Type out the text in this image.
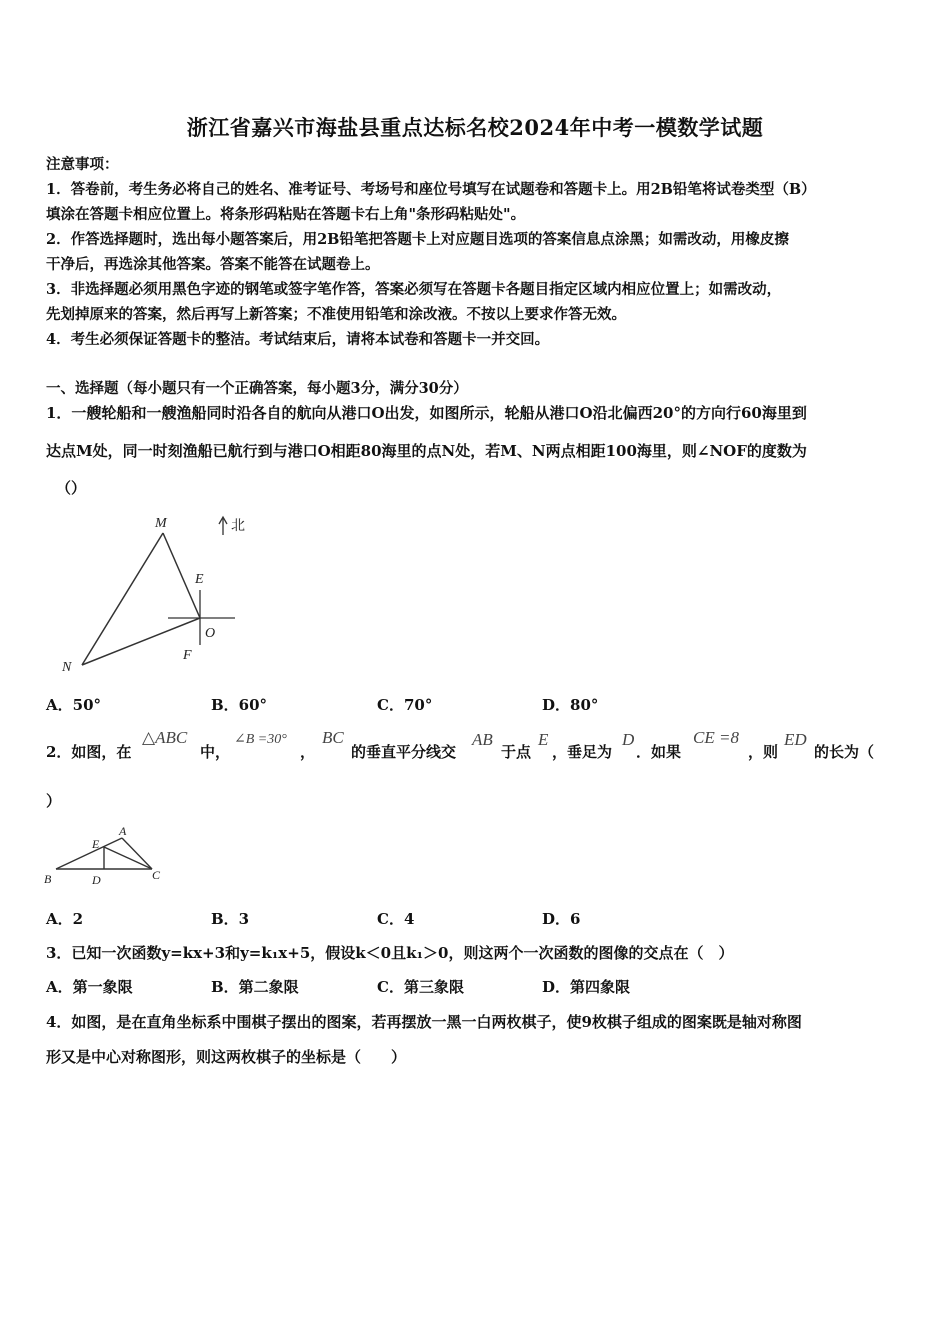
浙江省嘉兴市海盐县重点达标名校2024年中考一模数学试题
注意事项：
1．答卷前，考生务必将自己的姓名、准考证号、考场号和座位号填写在试题卷和答题卡上。用2B铅笔将试卷类型（B）
填涂在答题卡相应位置上。将条形码粘贴在答题卡右上角"条形码粘贴处"。
2．作答选择题时，选出每小题答案后，用2B铅笔把答题卡上对应题目选项的答案信息点涂黑；如需改动，用橡皮擦
干净后，再选涂其他答案。答案不能答在试题卷上。
3．非选择题必须用黑色字迹的钢笔或签字笔作答，答案必须写在答题卡各题目指定区域内相应位置上；如需改动，
先划掉原来的答案，然后再写上新答案；不准使用铅笔和涂改液。不按以上要求作答无效。
4．考生必须保证答题卡的整洁。考试结束后，请将本试卷和答题卡一并交回。
一、选择题（每小题只有一个正确答案，每小题3分，满分30分）
1．一艘轮船和一艘渔船同时沿各自的航向从港口O出发，如图所示，轮船从港口O沿北偏西20°的方向行60海里到
达点M处，同一时刻渔船已航行到与港口O相距80海里的点N处，若M、N两点相距100海里，则∠NOF的度数为
（）
M
N
E
O
F
北
A．50°	B．60°	C．70°	D．80°
2．如图，在
△ABC
中，
∠B =30°
，
BC
的垂直平分线交
AB
于点
E
，垂足为
D
．如果
CE =8
，则
ED
的长为（
）
A
B	C
D
E
A．2	B．3	C．4	D．6
3．已知一次函数y=kx+3和y=k₁x+5，假设k＜0且k₁＞0，则这两个一次函数的图像的交点在（　）
A．第一象限	B．第二象限	C．第三象限	D．第四象限
4．如图，是在直角坐标系中围棋子摆出的图案，若再摆放一黑一白两枚棋子，使9枚棋子组成的图案既是轴对称图
形又是中心对称图形，则这两枚棋子的坐标是（　　）
